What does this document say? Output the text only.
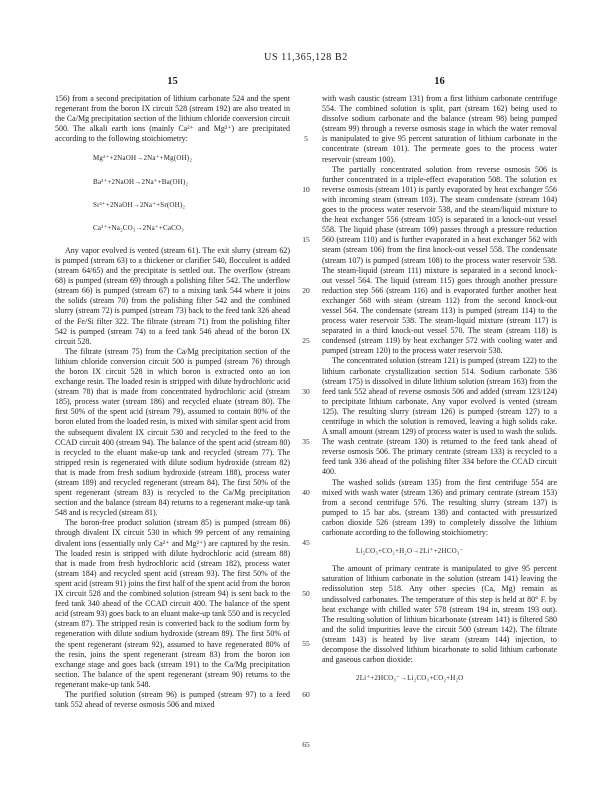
US 11,365,128 B2
15	16

156) from a second precipitation of lithium carbonate 524 and the spent regenerant from the boron IX circuit 528 (stream 192) are also treated in the Ca/Mg precipitation section of the lithium chloride conversion circuit 500. The alkali earth ions (mainly Ca²⁺ and Mg²⁺) are precipitated according to the following stoichiometry:

Mg²⁺+2NaOH→2Na⁺+Mg(OH)₂
Ba²⁺+2NaOH→2Na⁺+Ba(OH)₂
Sr²⁺+2NaOH→2Na⁺+Sr(OH)₂
Ca²⁺+Na₂CO₃→2Na⁺+CaCO₃

Any vapor evolved is vented (stream 61). The exit slurry (stream 62) is pumped (stream 63) to a thickener or clarifier 540, flocculent is added (stream 64/65) and the precipitate is settled out. The overflow (stream 68) is pumped (stream 69) through a polishing filter 542. The underflow (stream 66) is pumped (stream 67) to a mixing tank 544 where it joins the solids (stream 70) from the polishing filter 542 and the combined slurry (stream 72) is pumped (stream 73) back to the feed tank 326 ahead of the Fe/Si filter 322. The filtrate (stream 71) from the polishing filter 542 is pumped (stream 74) to a feed tank 546 ahead of the boron IX circuit 528.

The filtrate (stream 75) from the Ca/Mg precipitation section of the lithium chloride conversion circuit 500 is pumped (stream 76) through the boron IX circuit 528 in which boron is extracted onto an ion exchange resin. The loaded resin is stripped with dilute hydrochloric acid (stream 78) that is made from concentrated hydrochloric acid (stream 185), process water (stream 186) and recycled eluate (stream 80). The first 50% of the spent acid (stream 79), assumed to contain 80% of the boron eluted from the loaded resin, is mixed with similar spent acid from the subsequent divalent IX circuit 530 and recycled to the feed to the CCAD circuit 400 (stream 94). The balance of the spent acid (stream 80) is recycled to the eluant make-up tank and recycled (stream 77). The stripped resin is regenerated with dilute sodium hydroxide (stream 82) that is made from fresh sodium hydroxide (stream 188), process water (stream 189) and recycled regenerant (stream 84). The first 50% of the spent regenerant (stream 83) is recycled to the Ca/Mg precipitation section and the balance (stream 84) returns to a regenerant make-up tank 548 and is recycled (stream 81).

The boron-free product solution (stream 85) is pumped (stream 86) through divalent IX circuit 530 in which 99 percent of any remaining divalent ions (essentially only Ca²⁺ and Mg²⁺) are captured by the resin. The loaded resin is stripped with dilute hydrochloric acid (stream 88) that is made from fresh hydrochloric acid (stream 182), process water (stream 184) and recycled spent acid (stream 93). The first 50% of the spent acid (stream 91) joins the first half of the spent acid from the boron IX circuit 528 and the combined solution (stream 94) is sent back to the feed tank 340 ahead of the CCAD circuit 400. The balance of the spent acid (stream 93) goes back to an eluant make-up tank 550 and is recycled (stream 87). The stripped resin is converted back to the sodium form by regeneration with dilute sodium hydroxide (stream 89). The first 50% of the spent regenerant (stream 92), assumed to have regenerated 80% of the resin, joins the spent regenerant (stream 83) from the boron ion exchange stage and goes back (stream 191) to the Ca/Mg precipitation section. The balance of the spent regenerant (stream 90) returns to the regenerant make-up tank 548.

The purified solution (stream 96) is pumped (stream 97) to a feed tank 552 ahead of reverse osmosis 506 and mixed

5
10
15
20
25
30
35
40
45
50
55
60
65

with wash caustic (stream 131) from a first lithium carbonate centrifuge 554. The combined solution is split, part (stream 162) being used to dissolve sodium carbonate and the balance (stream 98) being pumped (stream 99) through a reverse osmosis stage in which the water removal is manipulated to give 95 percent saturation of lithium carbonate in the concentrate (stream 101). The permeate goes to the process water reservoir (stream 100).

The partially concentrated solution from reverse osmosis 506 is further concentrated in a triple-effect evaporation 508. The solution ex reverse osmosis (stream 101) is partly evaporated by heat exchanger 556 with incoming steam (stream 103). The steam condensate (stream 104) goes to the process water reservoir 538, and the steam/liquid mixture to the heat exchanger 556 (stream 105) is separated in a knock-out vessel 558. The liquid phase (stream 109) passes through a pressure reduction 560 (stream 110) and is further evaporated in a heat exchanger 562 with steam (stream 106) from the first knock-out vessel 558. The condensate (stream 107) is pumped (stream 108) to the process water reservoir 538. The steam-liquid (stream 111) mixture is separated in a second knock-out vessel 564. The liquid (stream 115) goes through another pressure reduction step 566 (stream 116) and is evaporated further another heat exchanger 568 with steam (stream 112) from the second knock-out vessel 564. The condensate (stream 113) is pumped (stream 114) to the process water reservoir 538. The steam-liquid mixture (stream 117) is separated in a third knock-out vessel 570. The steam (stream 118) is condensed (stream 119) by heat exchanger 572 with cooling water and pumped (stream 120) to the process water reservoir 538.

The concentrated solution (stream 121) is pumped (stream 122) to the lithium carbonate crystallization section 514. Sodium carbonate 536 (stream 175) is dissolved in dilute lithium solution (stream 163) from the feed tank 552 ahead of reverse osmosis 506 and added (stream 123/124) to precipitate lithium carbonate. Any vapor evolved is vented (stream 125). The resulting slurry (stream 126) is pumped (stream 127) to a centrifuge in which the solution is removed, leaving a high solids cake. A small amount (stream 129) of process water is used to wash the solids. The wash centrate (stream 130) is returned to the feed tank ahead of reverse osmosis 506. The primary centrate (stream 133) is recycled to a feed tank 336 ahead of the polishing filter 334 before the CCAD circuit 400.

The washed solids (stream 135) from the first centrifuge 554 are mixed with wash water (stream 136) and primary centrate (stream 153) from a second centrifuge 576. The resulting slurry (stream 137) is pumped to 15 bar abs. (stream 138) and contacted with pressurized carbon dioxide 526 (stream 139) to completely dissolve the lithium carbonate according to the following stoichiometry:

Li₂CO₃+CO₂+H₂O→2Li⁺+2HCO₃⁻

The amount of primary centrate is manipulated to give 95 percent saturation of lithium carbonate in the solution (stream 141) leaving the redissolution step 518. Any other species (Ca, Mg) remain as undissolved carbonates. The temperature of this step is held at 80° F. by heat exchange with chilled water 578 (stream 194 in, stream 193 out). The resulting solution of lithium bicarbonate (stream 141) is filtered 580 and the solid impurities leave the circuit 500 (stream 142). The filtrate (stream 143) is heated by live steam (stream 144) injection, to decompose the dissolved lithium bicarbonate to solid lithium carbonate and gaseous carbon dioxide:

2Li⁺+2HCO₃⁻→Li₂CO₃+CO₂+H₂O
